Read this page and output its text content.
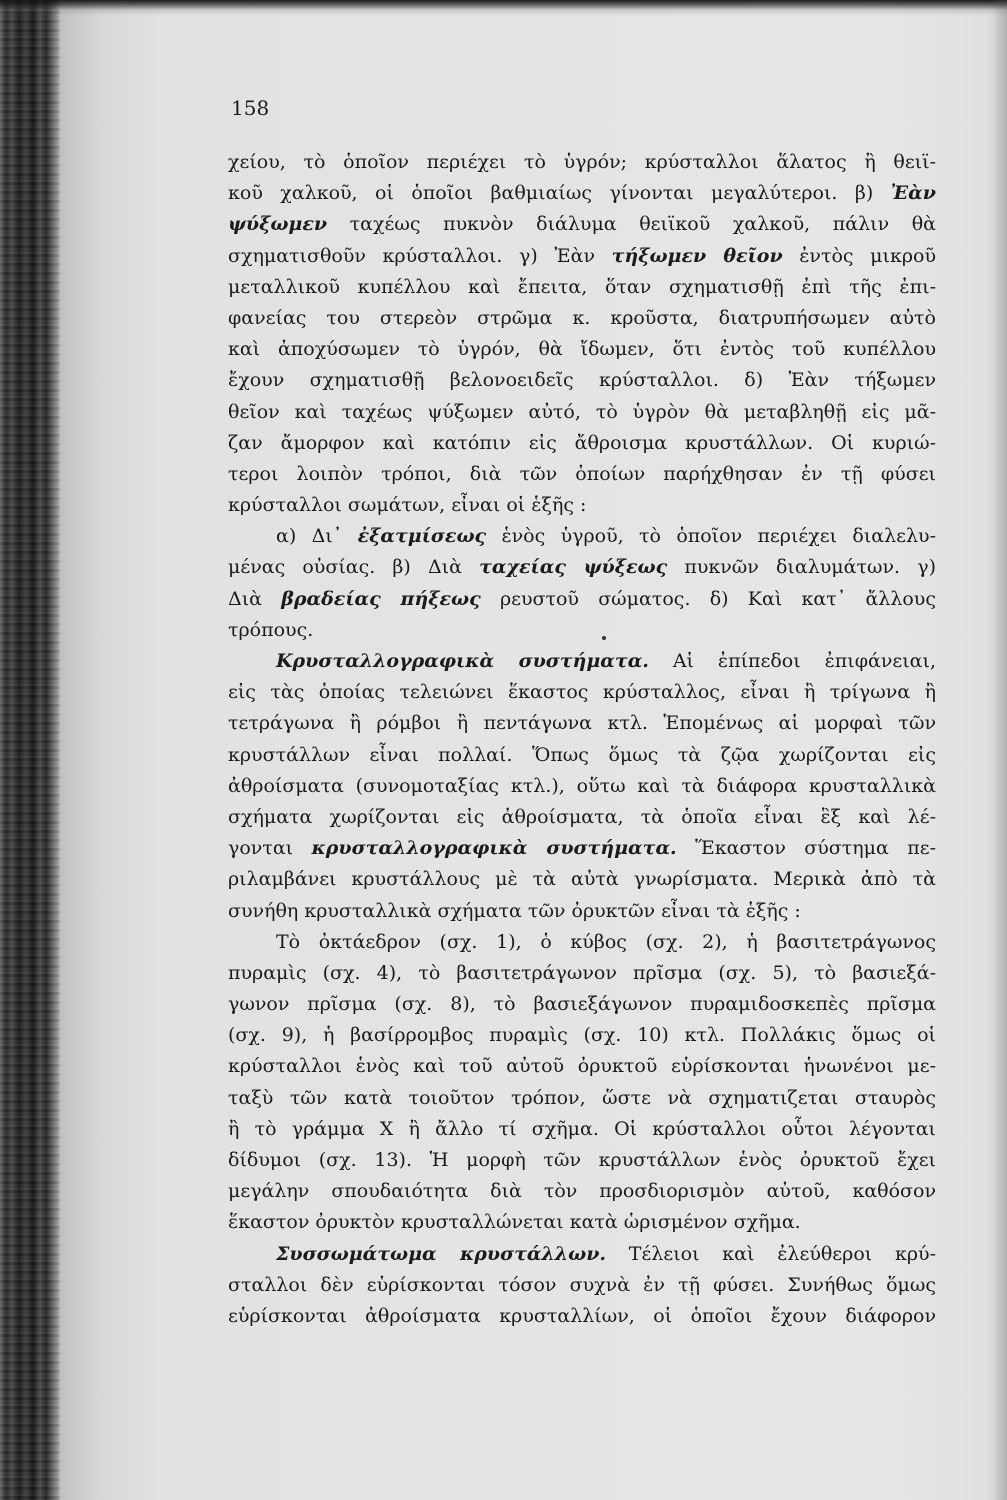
158
χείου, τὸ ὁποῖον περιέχει τὸ ὑγρόν; κρύσταλλοι ἅλατος ἢ θειϊ-
κοῦ χαλκοῦ, οἱ ὁποῖοι βαθμιαίως γίνονται μεγαλύτεροι. β) Ἐὰν
ψύξωμεν ταχέως πυκνὸν διάλυμα θειϊκοῦ χαλκοῦ, πάλιν θὰ
σχηματισθοῦν κρύσταλλοι. γ) Ἐὰν τήξωμεν θεῖον ἐντὸς μικροῦ
μεταλλικοῦ κυπέλλου καὶ ἔπειτα, ὅταν σχηματισθῇ ἐπὶ τῆς ἐπι-
φανείας του στερεὸν στρῶμα κ. κροῦστα, διατρυπήσωμεν αὐτὸ
καὶ ἀποχύσωμεν τὸ ὑγρόν, θὰ ἴδωμεν, ὅτι ἐντὸς τοῦ κυπέλλου
ἔχουν σχηματισθῇ βελονοειδεῖς κρύσταλλοι. δ) Ἐὰν τήξωμεν
θεῖον καὶ ταχέως ψύξωμεν αὐτό, τὸ ὑγρὸν θὰ μεταβληθῇ εἰς μᾶ-
ζαν ἄμορφον καὶ κατόπιν εἰς ἄθροισμα κρυστάλλων. Οἱ κυριώ-
τεροι λοιπὸν τρόποι, διὰ τῶν ὁποίων παρήχθησαν ἐν τῇ φύσει
κρύσταλλοι σωμάτων, εἶναι οἱ ἑξῆς :
α) Δι᾽ ἐξατμίσεως ἑνὸς ὑγροῦ, τὸ ὁποῖον περιέχει διαλελυ-
μένας οὐσίας. β) Διὰ ταχείας ψύξεως πυκνῶν διαλυμάτων. γ)
Διὰ βραδείας πήξεως ρευστοῦ σώματος. δ) Καὶ κατ᾽ ἄλλους
τρόπους.
Κρυσταλλογραφικὰ συστήματα. Αἱ ἐπίπεδοι ἐπιφάνειαι,
εἰς τὰς ὁποίας τελειώνει ἕκαστος κρύσταλλος, εἶναι ἢ τρίγωνα ἢ
τετράγωνα ἢ ρόμβοι ἢ πεντάγωνα κτλ. Ἑπομένως αἱ μορφαὶ τῶν
κρυστάλλων εἶναι πολλαί. Ὅπως ὅμως τὰ ζῷα χωρίζονται εἰς
ἀθροίσματα (συνομοταξίας κτλ.), οὕτω καὶ τὰ διάφορα κρυσταλλικὰ
σχήματα χωρίζονται εἰς ἀθροίσματα, τὰ ὁποῖα εἶναι ἓξ καὶ λέ-
γονται κρυσταλλογραφικὰ συστήματα. Ἕκαστον σύστημα πε-
ριλαμβάνει κρυστάλλους μὲ τὰ αὐτὰ γνωρίσματα. Μερικὰ ἀπὸ τὰ
συνήθη κρυσταλλικὰ σχήματα τῶν ὀρυκτῶν εἶναι τὰ ἑξῆς :
Τὸ ὀκτάεδρον (σχ. 1), ὁ κύβος (σχ. 2), ἡ βασιτετράγωνος
πυραμὶς (σχ. 4), τὸ βασιτετράγωνον πρῖσμα (σχ. 5), τὸ βασιεξά-
γωνον πρῖσμα (σχ. 8), τὸ βασιεξάγωνον πυραμιδοσκεπὲς πρῖσμα
(σχ. 9), ἡ βασίρρομβος πυραμὶς (σχ. 10) κτλ. Πολλάκις ὅμως οἱ
κρύσταλλοι ἑνὸς καὶ τοῦ αὐτοῦ ὀρυκτοῦ εὑρίσκονται ἡνωνένοι με-
ταξὺ τῶν κατὰ τοιοῦτον τρόπον, ὥστε νὰ σχηματιζεται σταυρὸς
ἢ τὸ γράμμα Χ ἢ ἄλλο τί σχῆμα. Οἱ κρύσταλλοι οὗτοι λέγονται
δίδυμοι (σχ. 13). Ἡ μορφὴ τῶν κρυστάλλων ἑνὸς ὀρυκτοῦ ἔχει
μεγάλην σπουδαιότητα διὰ τὸν προσδιορισμὸν αὐτοῦ, καθόσον
ἕκαστον ὀρυκτὸν κρυσταλλώνεται κατὰ ὡρισμένον σχῆμα.
Συσσωμάτωμα κρυστάλλων. Τέλειοι καὶ ἐλεύθεροι κρύ-
σταλλοι δὲν εὑρίσκονται τόσον συχνὰ ἐν τῇ φύσει. Συνήθως ὅμως
εὑρίσκονται ἀθροίσματα κρυσταλλίων, οἱ ὁποῖοι ἔχουν διάφορον
